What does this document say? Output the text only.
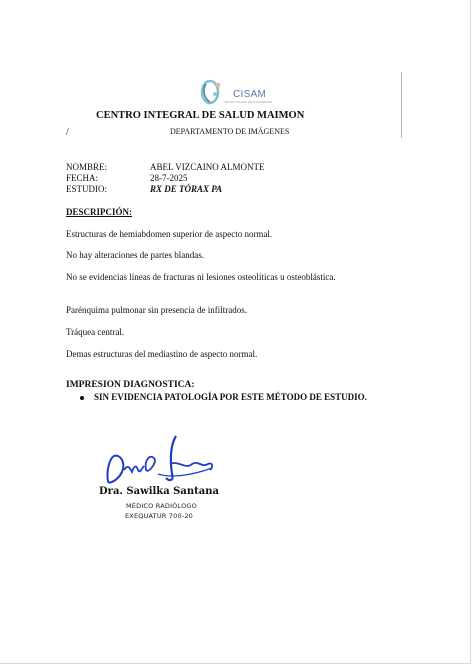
CISAM
CENTRO INTEGRAL DE SALUD MAIMON
CENTRO INTEGRAL DE SALUD MAIMON
/	DEPARTAMENTO DE IMÁGENES
NOMBRE:	ABEL VIZCAINO ALMONTE
FECHA:	28-7-2025
ESTUDIO:	RX DE TÓRAX PA
DESCRIPCIÓN:
Estructuras de hemiabdomen superior de aspecto normal.
No hay alteraciones de partes blandas.
No se evidencias líneas de fracturas ni lesiones osteolíticas u osteoblástica.
Parénquima pulmonar sin presencia de infiltrados.
Tráquea central.
Demas estructuras del mediastino de aspecto normal.
IMPRESION DIAGNOSTICA:
SIN EVIDENCIA PATOLOGÍA POR ESTE MÉTODO DE ESTUDIO.
Dra. Sawilka Santana
MÉDICO RADIÓLOGO
EXEQUATUR 700-20
